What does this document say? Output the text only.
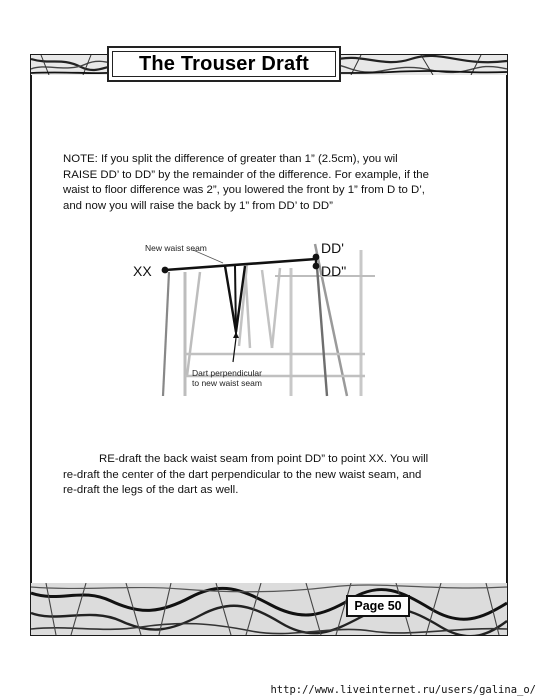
The Trouser Draft

NOTE: If you split the difference of greater than 1” (2.5cm), you wil

RAISE DD’ to DD” by the remainder of the difference. For example, if the

waist to floor difference was 2”, you lowered the front by 1” from D to D’,

and now you will raise the back by 1” from DD’ to DD”

New waist seam
XX
DD'
DD"
Dart perpendicular
to new waist seam

RE-draft the back waist seam from point DD” to point XX. You will

re-draft the center of the dart perpendicular to the new waist seam, and

re-draft the legs of the dart as well.

Page 50
http://www.liveinternet.ru/users/galina_o/
